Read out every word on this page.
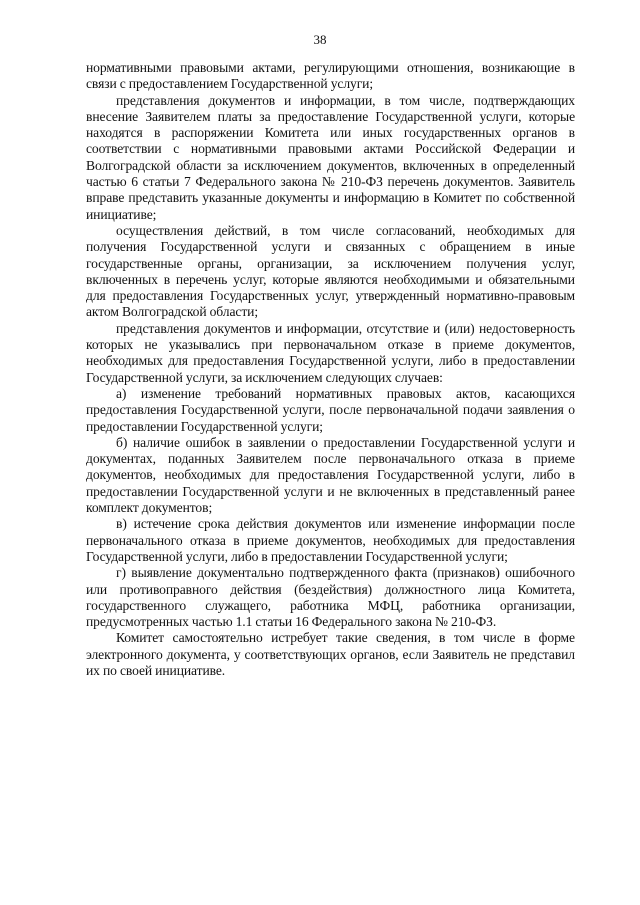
38

нормативными правовыми актами, регулирующими отношения, возникающие в связи с предоставлением Государственной услуги;

представления документов и информации, в том числе, подтверждающих внесение Заявителем платы за предоставление Государственной услуги, которые находятся в распоряжении Комитета или иных государственных органов в соответствии с нормативными правовыми актами Российской Федерации и Волгоградской области за исключением документов, включенных в определенный частью 6 статьи 7 Федерального закона № 210-ФЗ перечень документов. Заявитель вправе представить указанные документы и информацию в Комитет по собственной инициативе;

осуществления действий, в том числе согласований, необходимых для получения Государственной услуги и связанных с обращением в иные государственные органы, организации, за исключением получения услуг, включенных в перечень услуг, которые являются необходимыми и обязательными для предоставления Государственных услуг, утвержденный нормативно-правовым актом Волгоградской области;

представления документов и информации, отсутствие и (или) недостоверность которых не указывались при первоначальном отказе в приеме документов, необходимых для предоставления Государственной услуги, либо в предоставлении Государственной услуги, за исключением следующих случаев:

а) изменение требований нормативных правовых актов, касающихся предоставления Государственной услуги, после первоначальной подачи заявления о предоставлении Государственной услуги;

б) наличие ошибок в заявлении о предоставлении Государственной услуги и документах, поданных Заявителем после первоначального отказа в приеме документов, необходимых для предоставления Государственной услуги, либо в предоставлении Государственной услуги и не включенных в представленный ранее комплект документов;

в) истечение срока действия документов или изменение информации после первоначального отказа в приеме документов, необходимых для предоставления Государственной услуги, либо в предоставлении Государственной услуги;

г) выявление документально подтвержденного факта (признаков) ошибочного или противоправного действия (бездействия) должностного лица Комитета, государственного служащего, работника МФЦ, работника организации, предусмотренных частью 1.1 статьи 16 Федерального закона № 210-ФЗ.

Комитет самостоятельно истребует такие сведения, в том числе в форме электронного документа, у соответствующих органов, если Заявитель не представил их по своей инициативе.
